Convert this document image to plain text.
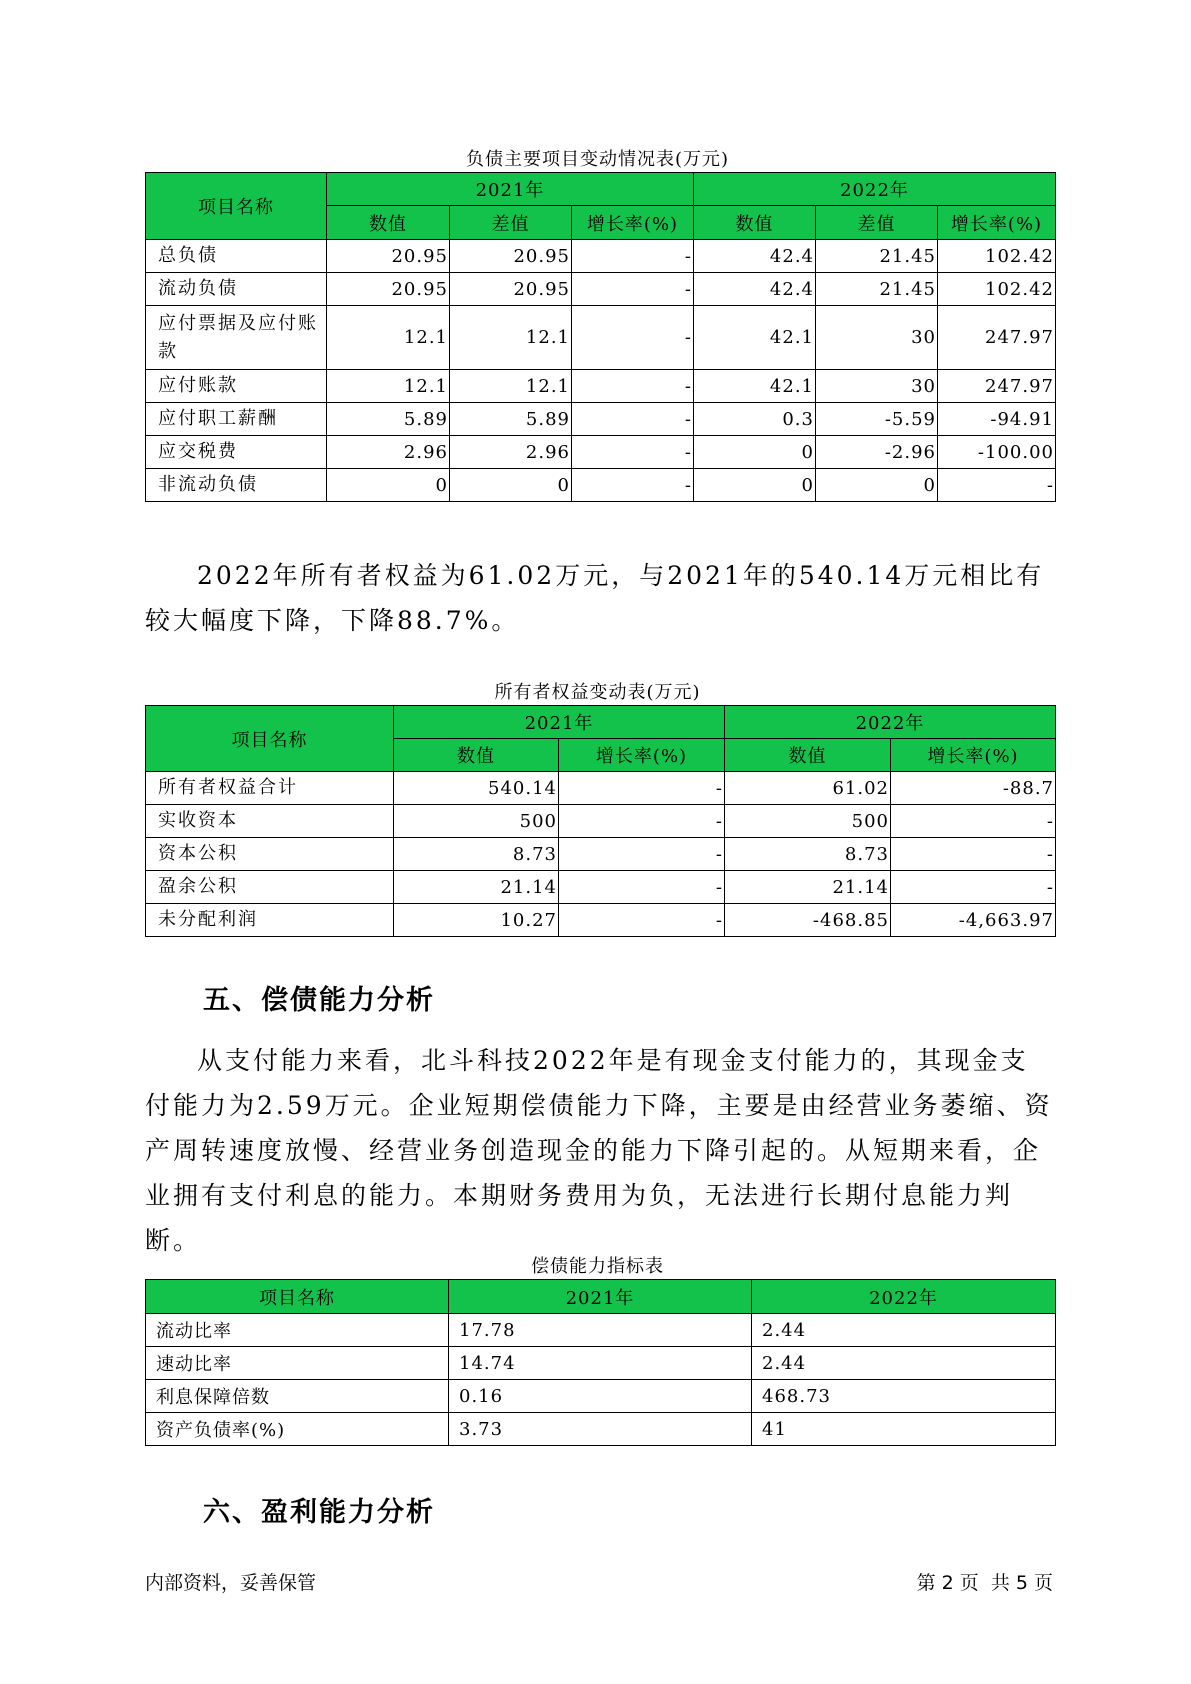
负债主要项目变动情况表(万元)
项目名称	2021年			2022年		
	数值	差值	增长率(%)	数值	差值	增长率(%)
总负债	20.95	20.95	-	42.4	21.45	102.42
流动负债	20.95	20.95	-	42.4	21.45	102.42
应付票据及应付账款	12.1	12.1	-	42.1	30	247.97
应付账款	12.1	12.1	-	42.1	30	247.97
应付职工薪酬	5.89	5.89	-	0.3	-5.59	-94.91
应交税费	2.96	2.96	-	0	-2.96	-100.00
非流动负债	0	0	-	0	0	-

2022年所有者权益为61.02万元，与2021年的540.14万元相比有较大幅度下降，下降88.7%。

所有者权益变动表(万元)
项目名称	2021年		2022年	
	数值	增长率(%)	数值	增长率(%)
所有者权益合计	540.14	-	61.02	-88.7
实收资本	500	-	500	-
资本公积	8.73	-	8.73	-
盈余公积	21.14	-	21.14	-
未分配利润	10.27	-	-468.85	-4,663.97
五、偿债能力分析

从支付能力来看，北斗科技2022年是有现金支付能力的，其现金支付能力为2.59万元。企业短期偿债能力下降，主要是由经营业务萎缩、资产周转速度放慢、经营业务创造现金的能力下降引起的。从短期来看，企业拥有支付利息的能力。本期财务费用为负，无法进行长期付息能力判断。

偿债能力指标表
项目名称	2021年	2022年
流动比率	17.78	2.44
速动比率	14.74	2.44
利息保障倍数	0.16	468.73
资产负债率(%)	3.73	41
六、盈利能力分析
内部资料，妥善保管	第 2 页  共 5 页
